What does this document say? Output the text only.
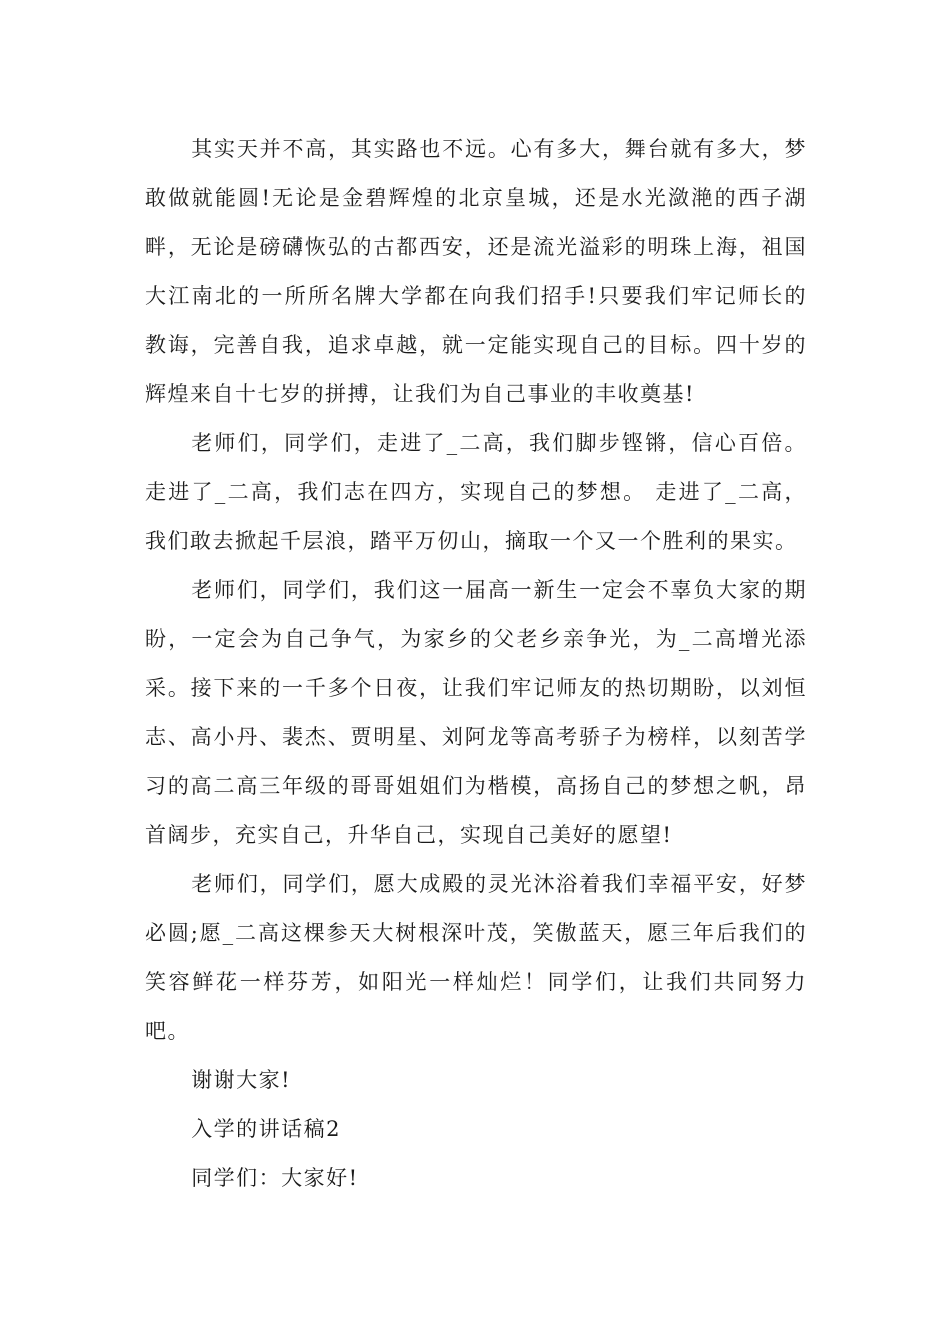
其实天并不高，其实路也不远。心有多大，舞台就有多大，梦敢做就能圆!无论是金碧辉煌的北京皇城，还是水光潋滟的西子湖畔，无论是磅礴恢弘的古都西安，还是流光溢彩的明珠上海，祖国大江南北的一所所名牌大学都在向我们招手!只要我们牢记师长的教诲，完善自我，追求卓越，就一定能实现自己的目标。四十岁的辉煌来自十七岁的拼搏，让我们为自己事业的丰收奠基!

老师们，同学们，走进了_二高，我们脚步铿锵，信心百倍。走进了_二高，我们志在四方，实现自己的梦想。 走进了_二高，我们敢去掀起千层浪，踏平万仞山，摘取一个又一个胜利的果实。

老师们，同学们，我们这一届高一新生一定会不辜负大家的期盼，一定会为自己争气，为家乡的父老乡亲争光，为_二高增光添采。接下来的一千多个日夜，让我们牢记师友的热切期盼，以刘恒志、高小丹、裴杰、贾明星、刘阿龙等高考骄子为榜样，以刻苦学习的高二高三年级的哥哥姐姐们为楷模，高扬自己的梦想之帆，昂首阔步，充实自己，升华自己，实现自己美好的愿望!

老师们，同学们，愿大成殿的灵光沐浴着我们幸福平安，好梦必圆;愿_二高这棵参天大树根深叶茂，笑傲蓝天，愿三年后我们的笑容鲜花一样芬芳，如阳光一样灿烂！同学们，让我们共同努力吧。

谢谢大家!

入学的讲话稿2

同学们：大家好!
